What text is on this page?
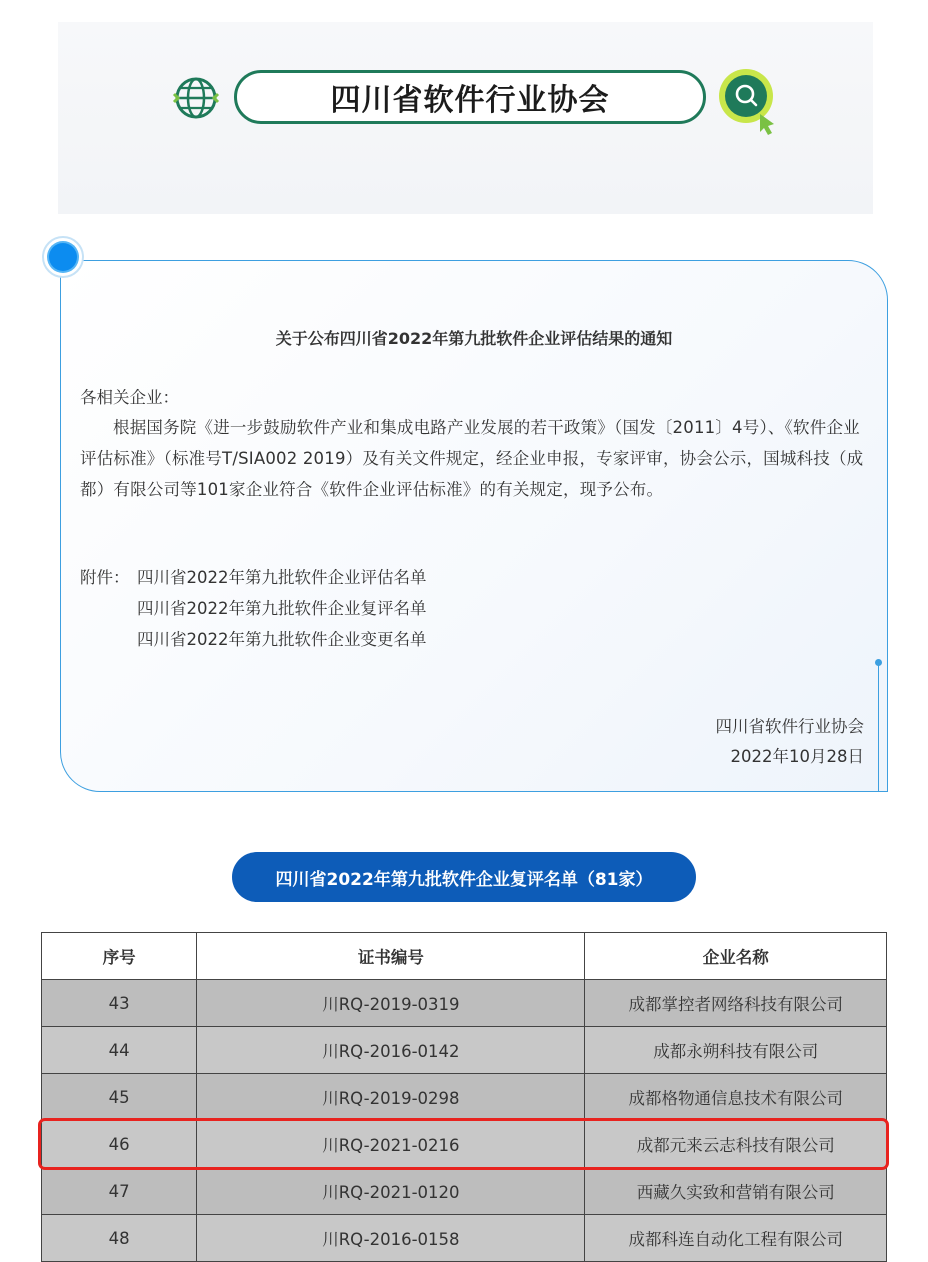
四川省软件行业协会
关于公布四川省2022年第九批软件企业评估结果的通知
各相关企业：
根据国务院《进一步鼓励软件产业和集成电路产业发展的若干政策》（国发〔2011〕4号）、《软件企业评估标准》（标准号T/SIA002 2019）及有关文件规定，经企业申报，专家评审，协会公示，国城科技（成都）有限公司等101家企业符合《软件企业评估标准》的有关规定，现予公布。
附件： 四川省2022年第九批软件企业评估名单
四川省2022年第九批软件企业复评名单
四川省2022年第九批软件企业变更名单
四川省软件行业协会
2022年10月28日
四川省2022年第九批软件企业复评名单（81家）
序号	证书编号	企业名称
43	川RQ-2019-0319	成都掌控者网络科技有限公司
44	川RQ-2016-0142	成都永朔科技有限公司
45	川RQ-2019-0298	成都格物通信息技术有限公司
46	川RQ-2021-0216	成都元来云志科技有限公司
47	川RQ-2021-0120	西藏久实致和营销有限公司
48	川RQ-2016-0158	成都科连自动化工程有限公司
